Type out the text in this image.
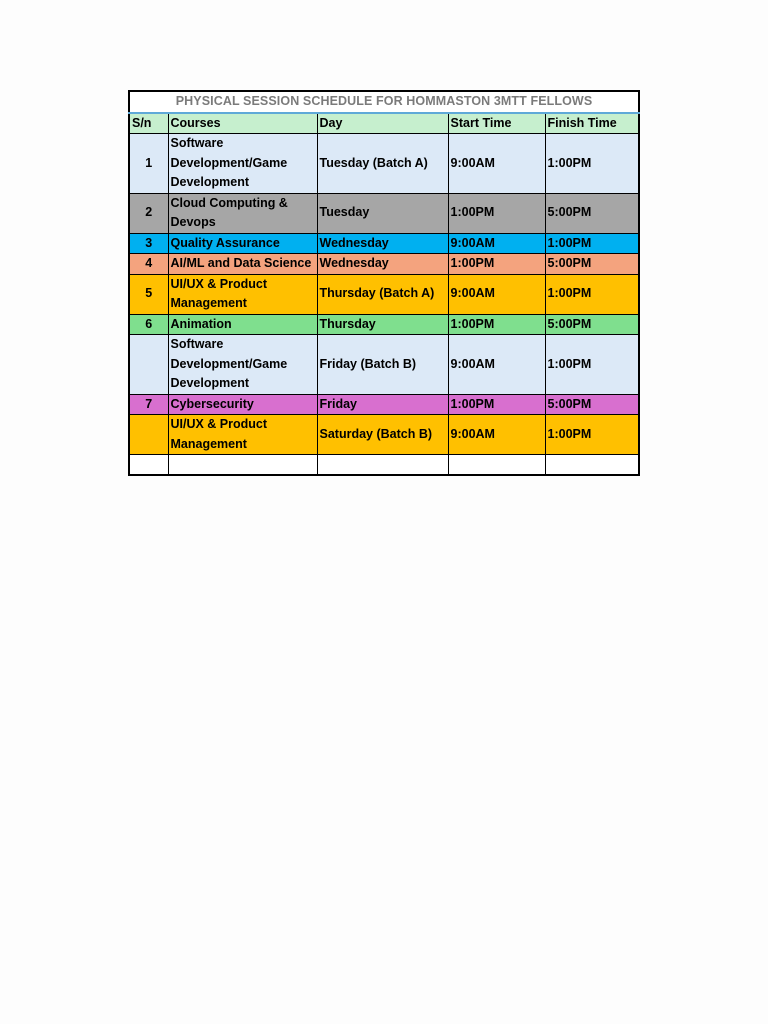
PHYSICAL SESSION SCHEDULE FOR HOMMASTON 3MTT FELLOWS				
S/n	Courses	Day	Start Time	Finish Time
1	Software Development/Game Development	Tuesday (Batch A)	9:00AM	1:00PM
2	Cloud Computing & Devops	Tuesday	1:00PM	5:00PM
3	Quality Assurance	Wednesday	9:00AM	1:00PM
4	AI/ML and Data Science	Wednesday	1:00PM	5:00PM
5	UI/UX & Product Management	Thursday (Batch A)	9:00AM	1:00PM
6	Animation	Thursday	1:00PM	5:00PM
	Software Development/Game Development	Friday (Batch B)	9:00AM	1:00PM
7	Cybersecurity	Friday	1:00PM	5:00PM
	UI/UX & Product Management	Saturday (Batch B)	9:00AM	1:00PM
